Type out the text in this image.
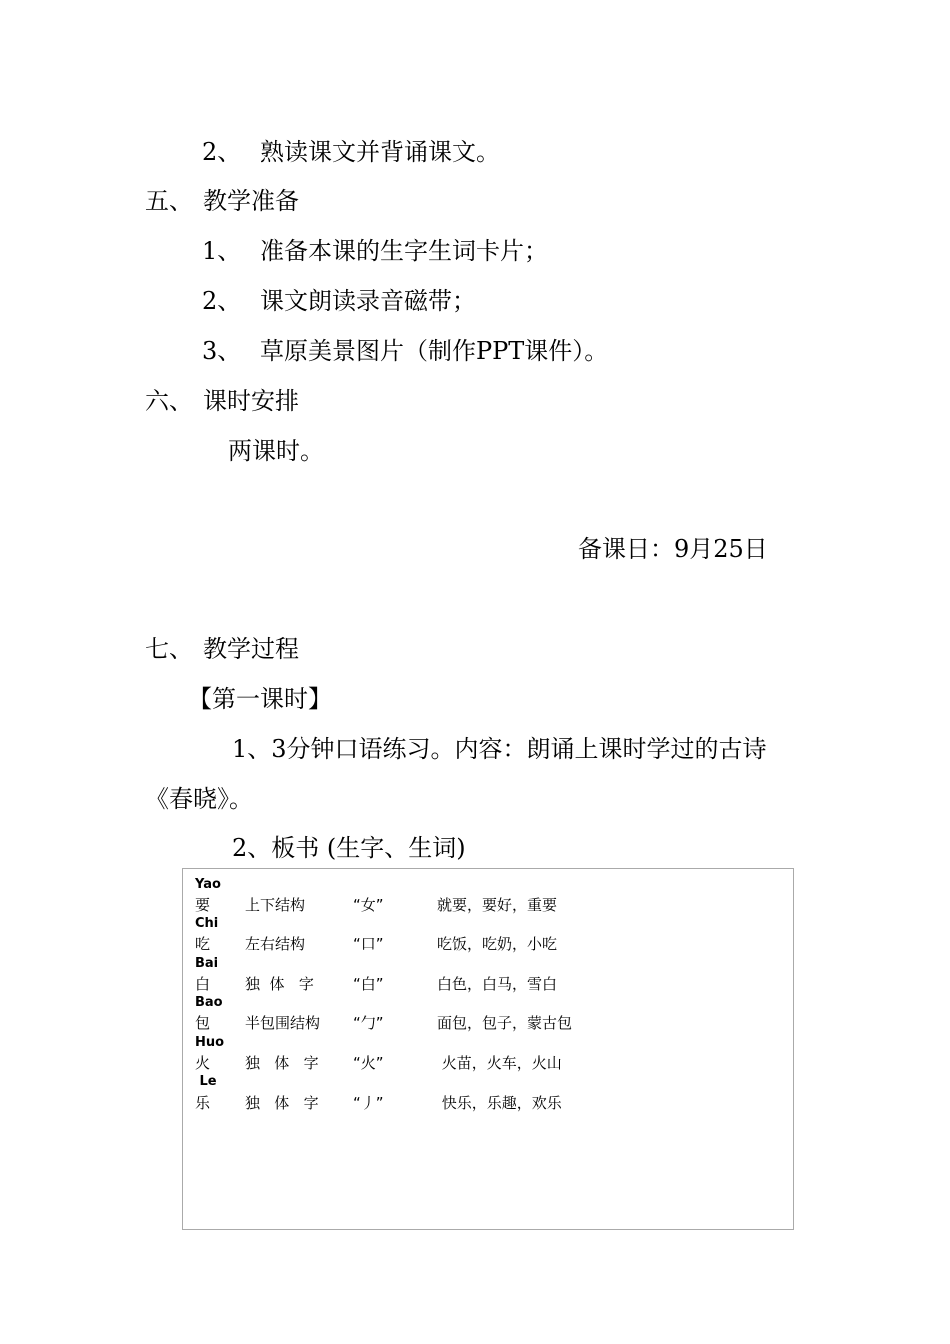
2、 熟读课文并背诵课文。
五、 教学准备
1、 准备本课的生字生词卡片；
2、 课文朗读录音磁带；
3、 草原美景图片（制作PPT课件）。
六、 课时安排
两课时。
备课日：9月25日
七、 教学过程
【第一课时】
1、3分钟口语练习。内容：朗诵上课时学过的古诗
《春晓》。
2、板书 (生字、生词)
Yao
要 上下结构	“女”	就要，要好，重要
Chi
吃 左右结构	“口”	吃饭，吃奶，小吃
Bai
白 独  体   字	“白”	白色，白马，雪白
Bao
包 半包围结构 “勹”	面包，包子，蒙古包
Huo
火 独   体   字 “火”	火苗，火车，火山
Le
乐 独   体   字 “丿”	快乐，乐趣，欢乐
